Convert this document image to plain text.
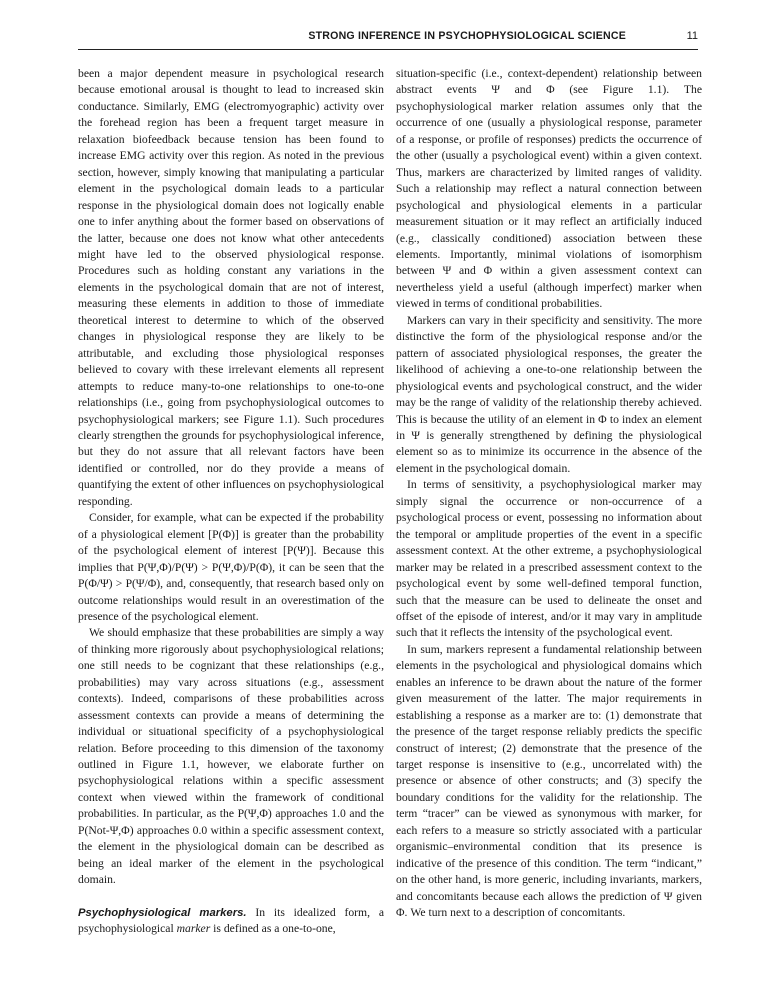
STRONG INFERENCE IN PSYCHOPHYSIOLOGICAL SCIENCE	11

been a major dependent measure in psychological research because emotional arousal is thought to lead to increased skin conductance. Similarly, EMG (electromyographic) activity over the forehead region has been a frequent target measure in relaxation biofeedback because tension has been found to increase EMG activity over this region. As noted in the previous section, however, simply knowing that manipulating a particular element in the psychological domain leads to a particular response in the physiological domain does not logically enable one to infer anything about the former based on observations of the latter, because one does not know what other antecedents might have led to the observed physiological response. Procedures such as holding constant any variations in the elements in the psychological domain that are not of interest, measuring these elements in addition to those of immediate theoretical interest to determine to which of the observed changes in physiological response they are likely to be attributable, and excluding those physiological responses believed to covary with these irrelevant elements all represent attempts to reduce many-to-one relationships to one-to-one relationships (i.e., going from psychophysiological outcomes to psychophysiological markers; see Figure 1.1). Such procedures clearly strengthen the grounds for psychophysiological inference, but they do not assure that all relevant factors have been identified or controlled, nor do they provide a means of quantifying the extent of other influences on psychophysiological responding.

Consider, for example, what can be expected if the probability of a physiological element [P(Φ)] is greater than the probability of the psychological element of interest [P(Ψ)]. Because this implies that P(Ψ,Φ)/P(Ψ) > P(Ψ,Φ)/P(Φ), it can be seen that the P(Φ/Ψ) > P(Ψ/Φ), and, consequently, that research based only on outcome relationships would result in an overestimation of the presence of the psychological element.

We should emphasize that these probabilities are simply a way of thinking more rigorously about psychophysiological relations; one still needs to be cognizant that these relationships (e.g., probabilities) may vary across situations (e.g., assessment contexts). Indeed, comparisons of these probabilities across assessment contexts can provide a means of determining the individual or situational specificity of a psychophysiological relation. Before proceeding to this dimension of the taxonomy outlined in Figure 1.1, however, we elaborate further on psychophysiological relations within a specific assessment context when viewed within the framework of conditional probabilities. In particular, as the P(Ψ,Φ) approaches 1.0 and the P(Not-Ψ,Φ) approaches 0.0 within a specific assessment context, the element in the physiological domain can be described as being an ideal marker of the element in the psychological domain.

Psychophysiological markers. In its idealized form, a psychophysiological marker is defined as a one-to-one,

situation-specific (i.e., context-dependent) relationship between abstract events Ψ and Φ (see Figure 1.1). The psychophysiological marker relation assumes only that the occurrence of one (usually a physiological response, parameter of a response, or profile of responses) predicts the occurrence of the other (usually a psychological event) within a given context. Thus, markers are characterized by limited ranges of validity. Such a relationship may reflect a natural connection between psychological and physiological elements in a particular measurement situation or it may reflect an artificially induced (e.g., classically conditioned) association between these elements. Importantly, minimal violations of isomorphism between Ψ and Φ within a given assessment context can nevertheless yield a useful (although imperfect) marker when viewed in terms of conditional probabilities.

Markers can vary in their specificity and sensitivity. The more distinctive the form of the physiological response and/or the pattern of associated physiological responses, the greater the likelihood of achieving a one-to-one relationship between the physiological events and psychological construct, and the wider may be the range of validity of the relationship thereby achieved. This is because the utility of an element in Φ to index an element in Ψ is generally strengthened by defining the physiological element so as to minimize its occurrence in the absence of the element in the psychological domain.

In terms of sensitivity, a psychophysiological marker may simply signal the occurrence or non-occurrence of a psychological process or event, possessing no information about the temporal or amplitude properties of the event in a specific assessment context. At the other extreme, a psychophysiological marker may be related in a prescribed assessment context to the psychological event by some well-defined temporal function, such that the measure can be used to delineate the onset and offset of the episode of interest, and/or it may vary in amplitude such that it reflects the intensity of the psychological event.

In sum, markers represent a fundamental relationship between elements in the psychological and physiological domains which enables an inference to be drawn about the nature of the former given measurement of the latter. The major requirements in establishing a response as a marker are to: (1) demonstrate that the presence of the target response reliably predicts the specific construct of interest; (2) demonstrate that the presence of the target response is insensitive to (e.g., uncorrelated with) the presence or absence of other constructs; and (3) specify the boundary conditions for the validity for the relationship. The term “tracer” can be viewed as synonymous with marker, for each refers to a measure so strictly associated with a particular organismic–environmental condition that its presence is indicative of the presence of this condition. The term “indicant,” on the other hand, is more generic, including invariants, markers, and concomitants because each allows the prediction of Ψ given Φ. We turn next to a description of concomitants.
